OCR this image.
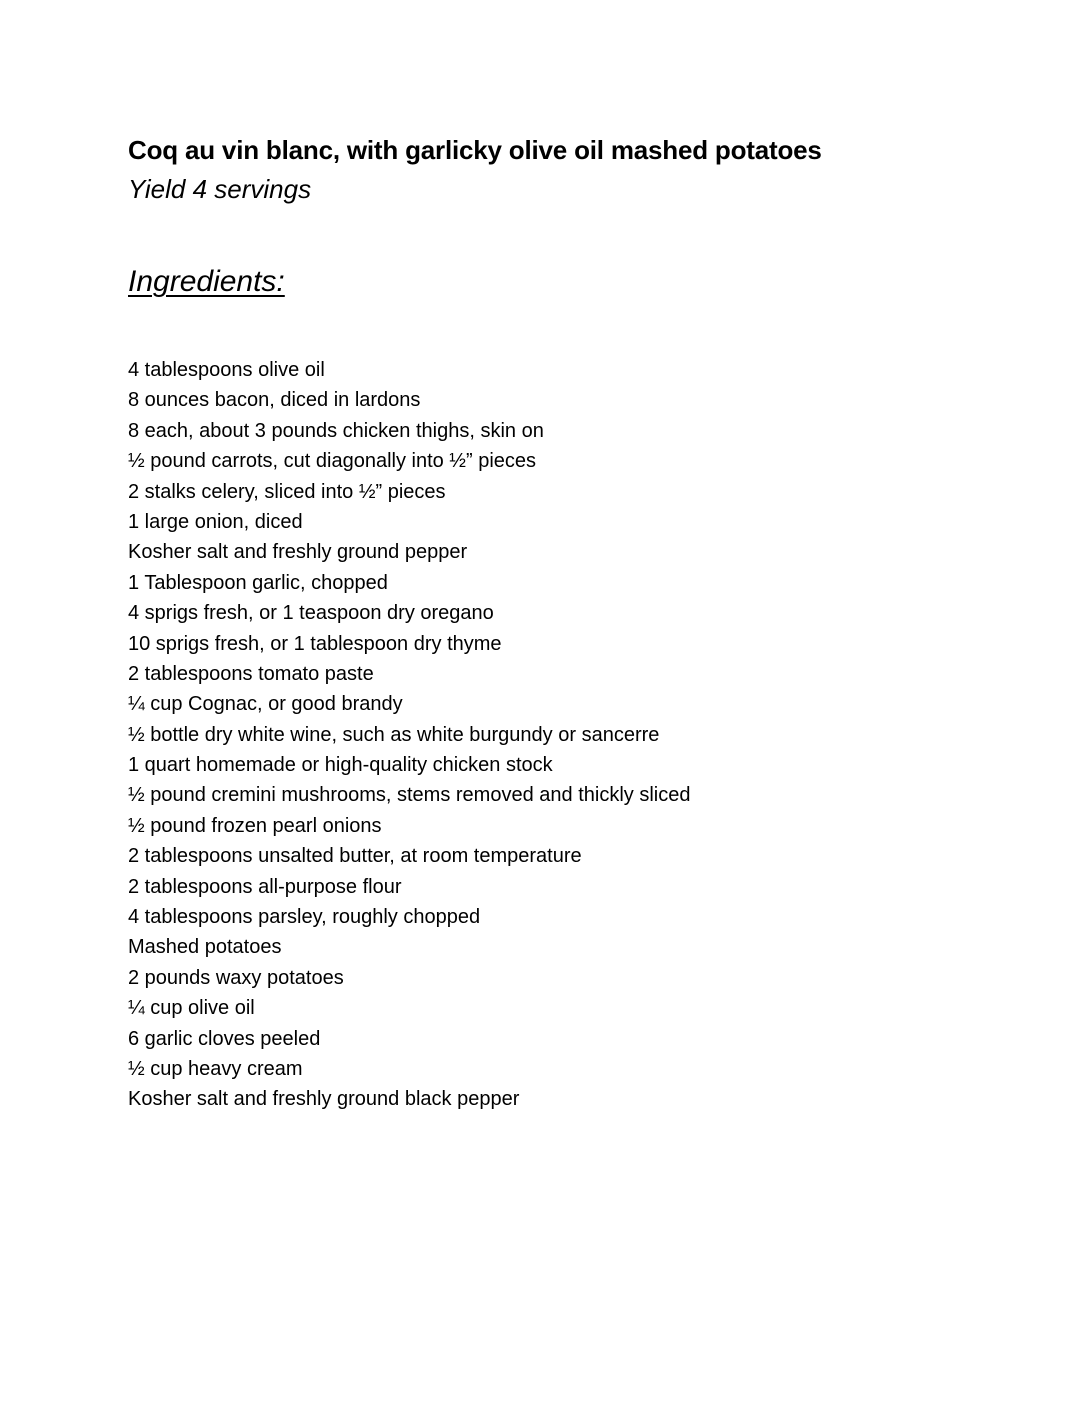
Coq au vin blanc, with garlicky olive oil mashed potatoes

Yield 4 servings

Ingredients:
4 tablespoons olive oil
8 ounces bacon, diced in lardons
8 each, about 3 pounds chicken thighs, skin on
½ pound carrots, cut diagonally into ½” pieces
2 stalks celery, sliced into ½” pieces
1 large onion, diced
Kosher salt and freshly ground pepper
1 Tablespoon garlic, chopped
4 sprigs fresh, or 1 teaspoon dry oregano
10 sprigs fresh, or 1 tablespoon dry thyme
2 tablespoons tomato paste
¼ cup Cognac, or good brandy
½ bottle dry white wine, such as white burgundy or sancerre
1 quart homemade or high-quality chicken stock
½ pound cremini mushrooms, stems removed and thickly sliced
½ pound frozen pearl onions
2 tablespoons unsalted butter, at room temperature
2 tablespoons all-purpose flour
4 tablespoons parsley, roughly chopped
Mashed potatoes
2 pounds waxy potatoes
¼ cup olive oil
6 garlic cloves peeled
½ cup heavy cream
Kosher salt and freshly ground black pepper
